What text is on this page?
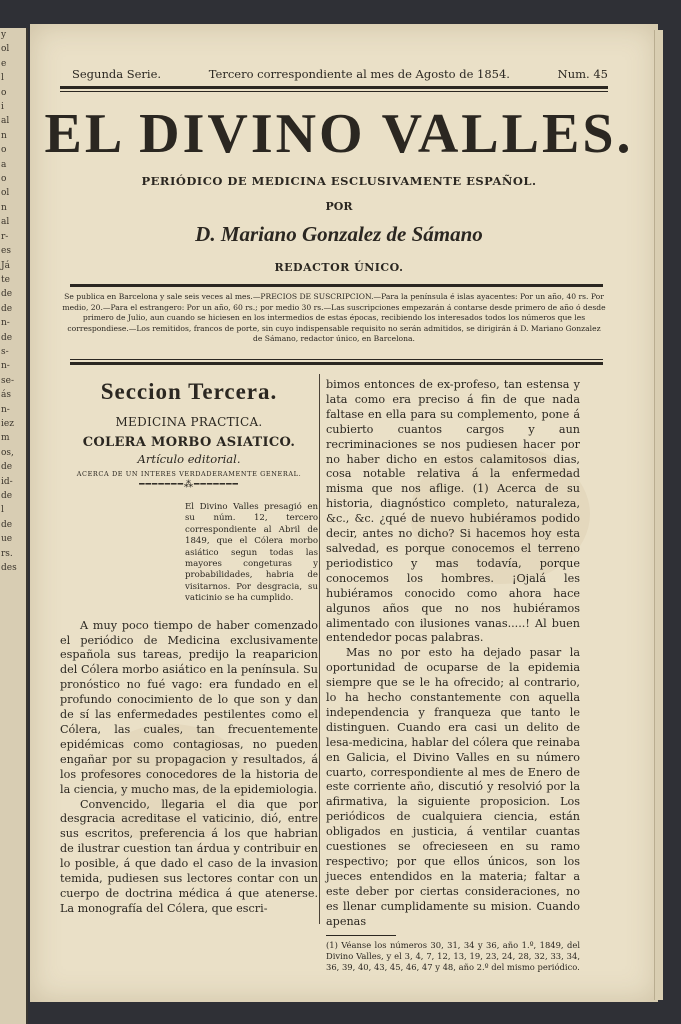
y
ol
e
l
o
i
al
n
o
a
o
ol
n
al
r-
es
Já
te
de
de
n-
de
s-
n-
se-
ás
n-
iez
m
os,
de
id-
de
l
de
ue
rs.
des
Segunda Serie.	Tercero correspondiente al mes de Agosto de 1854.	Num. 45
EL DIVINO VALLES.
PERIÓDICO DE MEDICINA ESCLUSIVAMENTE ESPAÑOL.
POR
D. Mariano Gonzalez de Sámano
REDACTOR ÚNICO.
Se publica en Barcelona y sale seis veces al mes.—PRECIOS DE SUSCRIPCION.—Para la península é islas ayacentes: Por un año, 40 rs. Por medio, 20.—Para el estrangero: Por un año, 60 rs.; por medio 30 rs.—Las suscripciones empezarán á contarse desde primero de año ó desde primero de Julio, aun cuando se hiciesen en los intermedios de estas épocas, recibiendo los interesados todos los números que les correspondiese.—Los remitidos, francos de porte, sin cuyo indispensable requisito no serán admitidos, se dirigirán á D. Mariano Gonzalez de Sámano, redactor único, en Barcelona.
Seccion Tercera.
MEDICINA PRACTICA.
COLERA MORBO ASIATICO.
Artículo editorial.
ACERCA DE UN INTERES VERDADERAMENTE GENERAL.
━━━━━━━⁂━━━━━━━
El Divino Valles presagió en su núm. 12, tercero correspondiente al Abril de 1849, que el Cólera morbo asiático segun todas las mayores congeturas y probabilidades, habria de visitarnos. Por desgracia, su vaticinio se ha cumplido.

A muy poco tiempo de haber comenzado el periódico de Medicina exclusivamente española sus tareas, predijo la reaparicion del Cólera morbo asiático en la península. Su pronóstico no fué vago: era fundado en el profundo conocimiento de lo que son y dan de sí las enfermedades pestilentes como el Cólera, las cuales, tan frecuentemente epidémicas como contagiosas, no pueden engañar por su propagacion y resultados, á los profesores conocedores de la historia de la ciencia, y mucho mas, de la epidemiologia.

Convencido, llegaria el dia que por desgracia acreditase el vaticinio, dió, entre sus escritos, preferencia á los que habrian de ilustrar cuestion tan árdua y contribuir en lo posible, á que dado el caso de la invasion temida, pudiesen sus lectores contar con un cuerpo de doctrina médica á que atenerse. La monografía del Cólera, que escri-

bimos entonces de ex-profeso, tan estensa y lata como era preciso á fin de que nada faltase en ella para su complemento, pone á cubierto cuantos cargos y aun recriminaciones se nos pudiesen hacer por no haber dicho en estos calamitosos dias, cosa notable relativa á la enfermedad misma que nos aflige. (1) Acerca de su historia, diagnóstico completo, naturaleza, &c., &c. ¿qué de nuevo hubiéramos podido decir, antes no dicho? Si hacemos hoy esta salvedad, es porque conocemos el terreno periodistico y mas todavía, porque conocemos los hombres. ¡Ojalá les hubiéramos conocido como ahora hace algunos años que no nos hubiéramos alimentado con ilusiones vanas.....! Al buen entendedor pocas palabras.

Mas no por esto ha dejado pasar la oportunidad de ocuparse de la epidemia siempre que se le ha ofrecido; al contrario, lo ha hecho constantemente con aquella independencia y franqueza que tanto le distinguen. Cuando era casi un delito de lesa-medicina, hablar del cólera que reinaba en Galicia, el Divino Valles en su número cuarto, correspondiente al mes de Enero de este corriente año, discutió y resolvió por la afirmativa, la siguiente proposicion. Los periódicos de cualquiera ciencia, están obligados en justicia, á ventilar cuantas cuestiones se ofrecieseen en su ramo respectivo; por que ellos únicos, son los jueces entendidos en la materia; faltar a este deber por ciertas consideraciones, no es llenar cumplidamente su mision. Cuando apenas

(1) Véanse los números 30, 31, 34 y 36, año 1.º, 1849, del Divino Valles, y el 3, 4, 7, 12, 13, 19, 23, 24, 28, 32, 33, 34, 36, 39, 40, 43, 45, 46, 47 y 48, año 2.º del mismo periódico.
